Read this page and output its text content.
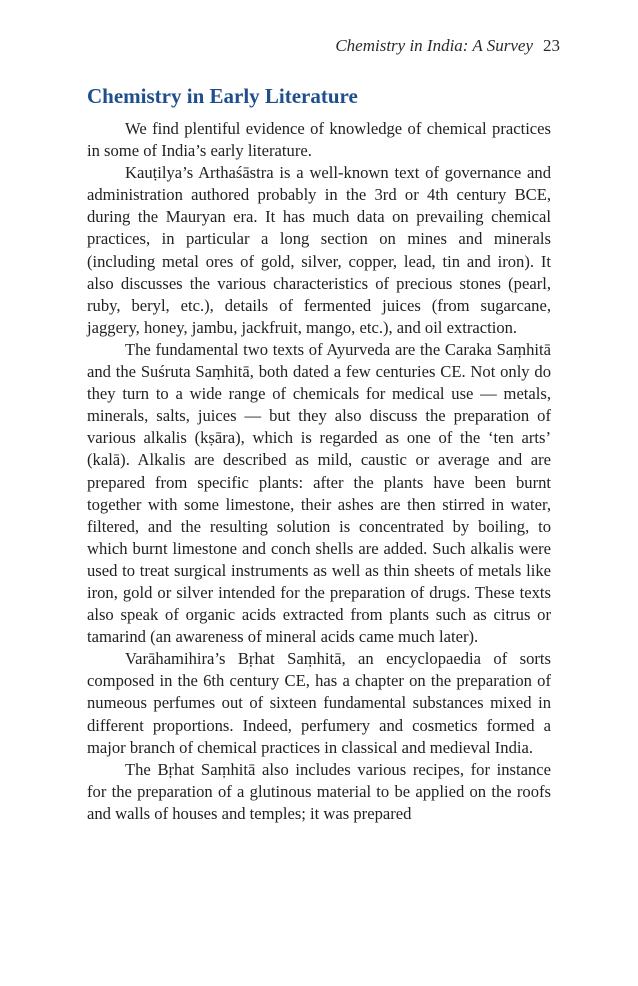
Chemistry in India: A Survey 23
Chemistry in Early Literature

We find plentiful evidence of knowledge of chemical practices in some of India’s early literature.

Kauṭilya’s Arthaśāstra is a well-known text of governance and administration authored probably in the 3rd or 4th century BCE, during the Mauryan era. It has much data on prevailing chemical practices, in particular a long section on mines and minerals (including metal ores of gold, silver, copper, lead, tin and iron). It also discusses the various characteristics of precious stones (pearl, ruby, beryl, etc.), details of fermented juices (from sugarcane, jaggery, honey, jambu, jackfruit, mango, etc.), and oil extraction.

The fundamental two texts of Ayurveda are the Caraka Saṃhitā and the Suśruta Saṃhitā, both dated a few centuries CE. Not only do they turn to a wide range of chemicals for medical use — metals, minerals, salts, juices — but they also discuss the preparation of various alkalis (kṣāra), which is regarded as one of the ‘ten arts’ (kalā). Alkalis are described as mild, caustic or average and are prepared from specific plants: after the plants have been burnt together with some limestone, their ashes are then stirred in water, filtered, and the resulting solution is concentrated by boiling, to which burnt limestone and conch shells are added. Such alkalis were used to treat surgical instruments as well as thin sheets of metals like iron, gold or silver intended for the preparation of drugs. These texts also speak of organic acids extracted from plants such as citrus or tamarind (an awareness of mineral acids came much later).

Varāhamihira’s Bṛhat Saṃhitā, an encyclopaedia of sorts composed in the 6th century CE, has a chapter on the preparation of numeous perfumes out of sixteen fundamental substances mixed in different proportions. Indeed, perfumery and cosmetics formed a major branch of chemical practices in classical and medieval India.

The Bṛhat Saṃhitā also includes various recipes, for instance for the preparation of a glutinous material to be applied on the roofs and walls of houses and temples; it was prepared
